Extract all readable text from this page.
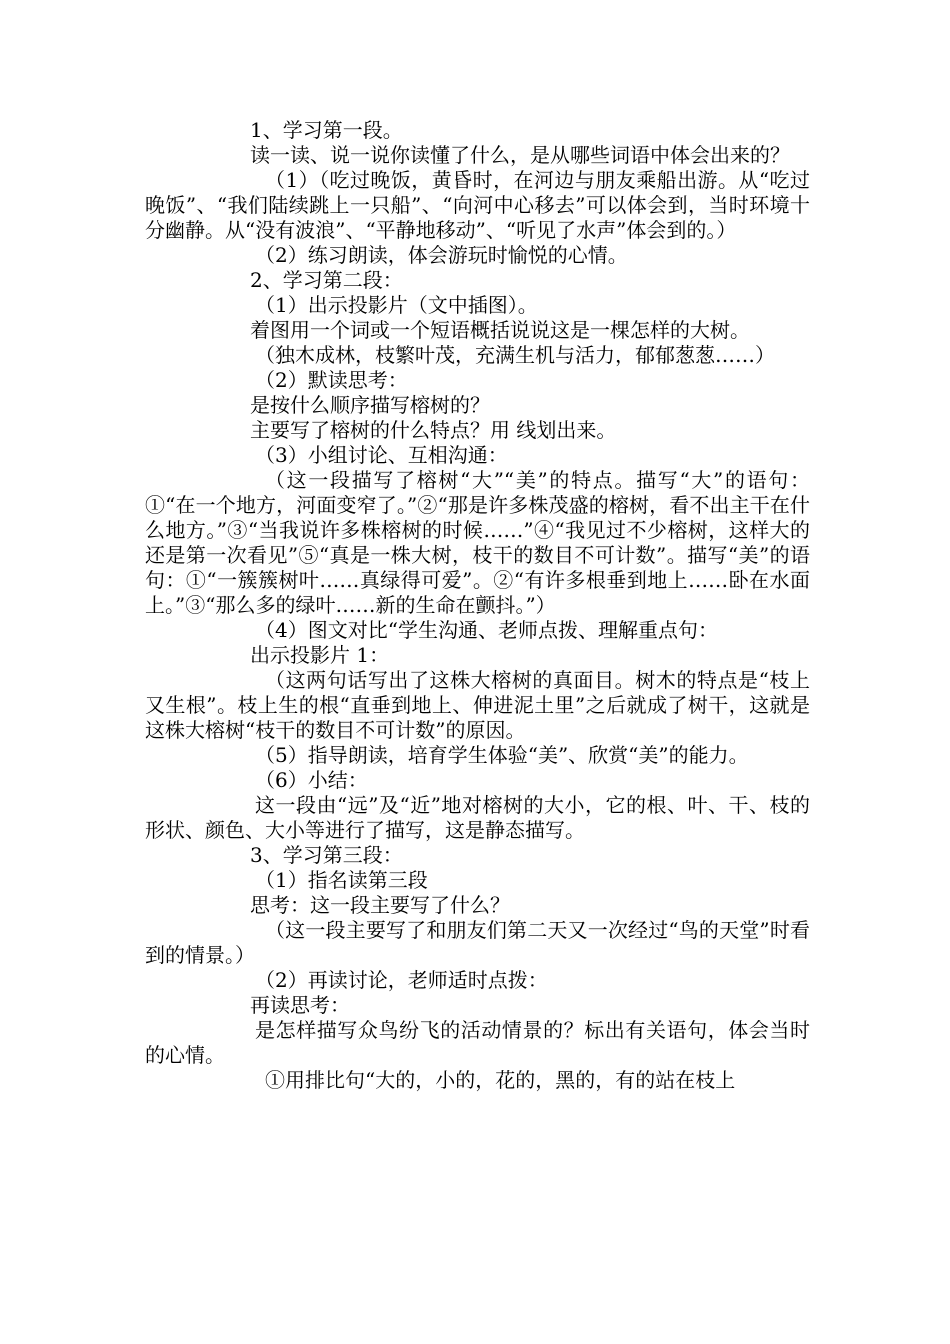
1、学习第一段。

读一读、说一说你读懂了什么，是从哪些词语中体会出来的？

（1）（吃过晚饭，黄昏时，在河边与朋友乘船出游。从“吃过晚饭”、“我们陆续跳上一只船”、“向河中心移去”可以体会到，当时环境十分幽静。从“没有波浪”、“平静地移动”、“听见了水声”体会到的。）

（2）练习朗读，体会游玩时愉悦的心情。

2、学习第二段：

（1）出示投影片（文中插图）。

着图用一个词或一个短语概括说说这是一棵怎样的大树。

（独木成林，枝繁叶茂，充满生机与活力，郁郁葱葱……）

（2）默读思考：

是按什么顺序描写榕树的？

主要写了榕树的什么特点？用 线划出来。

（3）小组讨论、互相沟通：

（这一段描写了榕树“大”“美”的特点。描写“大”的语句：①“在一个地方，河面变窄了。”②“那是许多株茂盛的榕树，看不出主干在什么地方。”③“当我说许多株榕树的时候……”④“我见过不少榕树，这样大的还是第一次看见”⑤“真是一株大树，枝干的数目不可计数”。描写“美”的语句：①“一簇簇树叶……真绿得可爱”。②“有许多根垂到地上……卧在水面上。”③“那么多的绿叶……新的生命在颤抖。”）

（4）图文对比“学生沟通、老师点拨、理解重点句：

出示投影片 1：

（这两句话写出了这株大榕树的真面目。树木的特点是“枝上又生根”。枝上生的根“直垂到地上、伸进泥土里”之后就成了树干，这就是这株大榕树“枝干的数目不可计数”的原因。

（5）指导朗读，培育学生体验“美”、欣赏“美”的能力。

（6）小结：

这一段由“远”及“近”地对榕树的大小，它的根、叶、干、枝的形状、颜色、大小等进行了描写，这是静态描写。

3、学习第三段：

（1）指名读第三段

思考：这一段主要写了什么？

（这一段主要写了和朋友们第二天又一次经过“鸟的天堂”时看到的情景。）

（2）再读讨论，老师适时点拨：

再读思考：

是怎样描写众鸟纷飞的活动情景的？标出有关语句，体会当时的心情。

①用排比句“大的，小的，花的，黑的，有的站在枝上
